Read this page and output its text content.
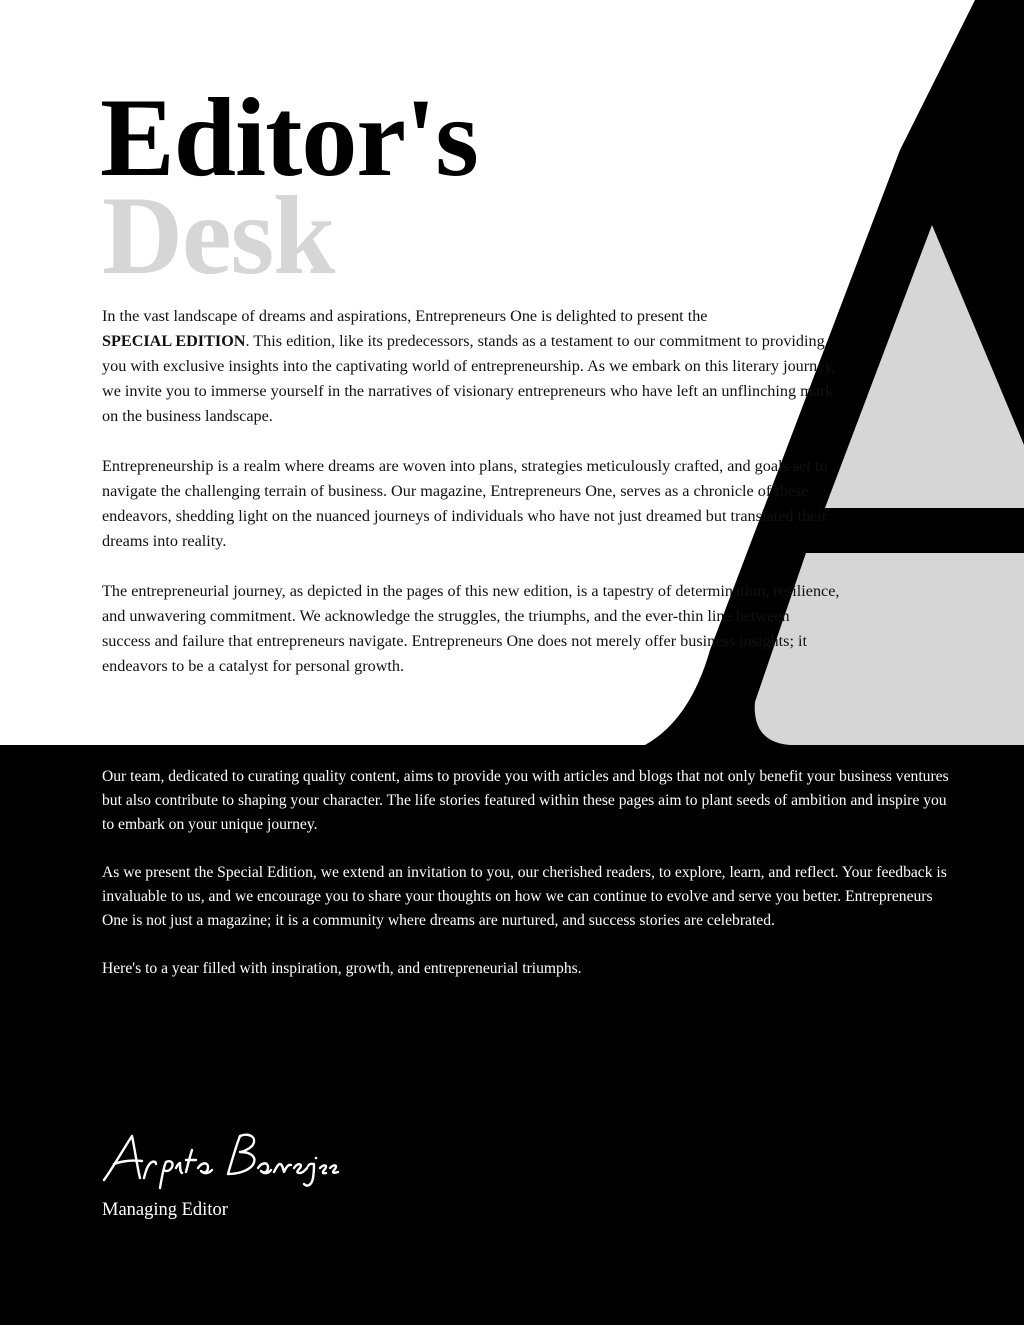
Editor's
Desk

In the vast landscape of dreams and aspirations, Entrepreneurs One is delighted to present the
SPECIAL EDITION. This edition, like its predecessors, stands as a testament to our commitment to providing you with exclusive insights into the captivating world of entrepreneurship. As we embark on this literary journey, we invite you to immerse yourself in the narratives of visionary entrepreneurs who have left an unflinching mark on the business landscape.

Entrepreneurship is a realm where dreams are woven into plans, strategies meticulously crafted, and goals set to navigate the challenging terrain of business. Our magazine, Entrepreneurs One, serves as a chronicle of these endeavors, shedding light on the nuanced journeys of individuals who have not just dreamed but translated their dreams into reality.

The entrepreneurial journey, as depicted in the pages of this new edition, is a tapestry of determination, resilience, and unwavering commitment. We acknowledge the struggles, the triumphs, and the ever-thin line between success and failure that entrepreneurs navigate. Entrepreneurs One does not merely offer business insights; it endeavors to be a catalyst for personal growth.

Our team, dedicated to curating quality content, aims to provide you with articles and blogs that not only benefit your business ventures but also contribute to shaping your character. The life stories featured within these pages aim to plant seeds of ambition and inspire you to embark on your unique journey.

As we present the Special Edition, we extend an invitation to you, our cherished readers, to explore, learn, and reflect. Your feedback is invaluable to us, and we encourage you to share your thoughts on how we can continue to evolve and serve you better. Entrepreneurs One is not just a magazine; it is a community where dreams are nurtured, and success stories are celebrated.

Here's to a year filled with inspiration, growth, and entrepreneurial triumphs.

Managing Editor
